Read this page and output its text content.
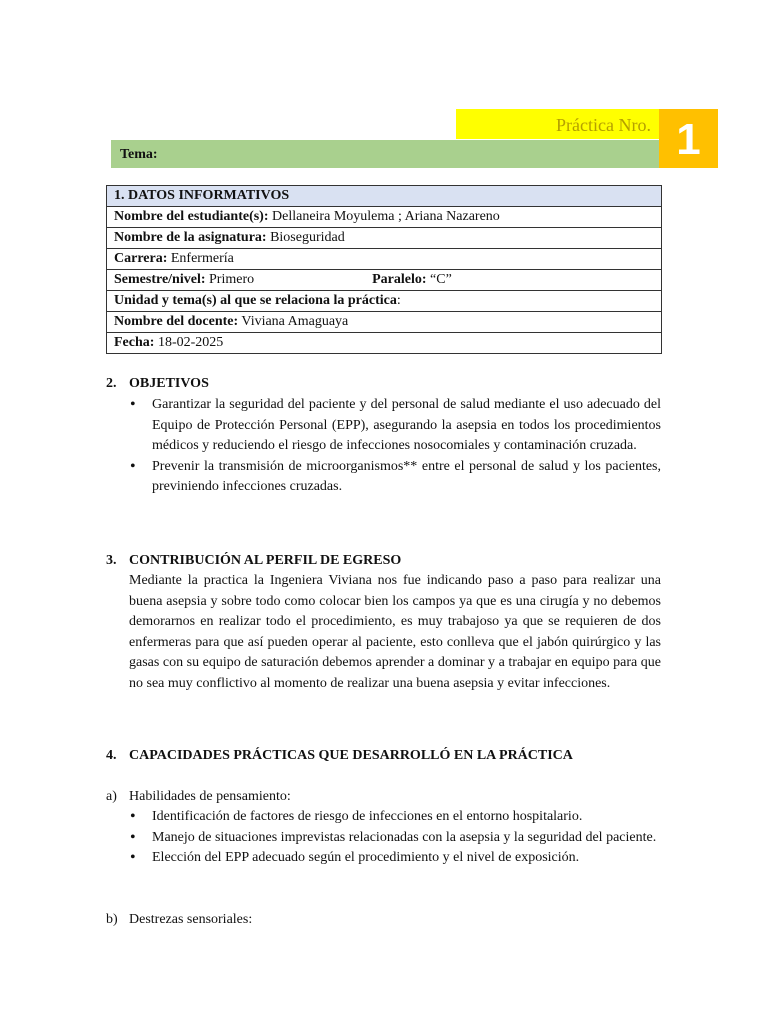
Práctica Nro. 1
Tema:
1. DATOS INFORMATIVOS
Nombre del estudiante(s): Dellaneira Moyulema ; Ariana Nazareno
Nombre de la asignatura: Bioseguridad
Carrera: Enfermería
Semestre/nivel: Primero	Paralelo: “C”
Unidad y tema(s) al que se relaciona la práctica:
Nombre del docente: Viviana Amaguaya
Fecha: 18-02-2025
2. OBJETIVOS
• Garantizar la seguridad del paciente y del personal de salud mediante el uso adecuado del Equipo de Protección Personal (EPP), asegurando la asepsia en todos los procedimientos médicos y reduciendo el riesgo de infecciones nosocomiales y contaminación cruzada.
• Prevenir la transmisión de microorganismos** entre el personal de salud y los pacientes, previniendo infecciones cruzadas.
3. CONTRIBUCIÓN AL PERFIL DE EGRESO
Mediante la practica la Ingeniera Viviana nos fue indicando paso a paso para realizar una buena asepsia y sobre todo como colocar bien los campos ya que es una cirugía y no debemos demorarnos en realizar todo el procedimiento, es muy trabajoso ya que se requieren de dos enfermeras para que así pueden operar al paciente, esto conlleva que el jabón quirúrgico y las gasas con su equipo de saturación debemos aprender a dominar y a trabajar en equipo para que no sea muy conflictivo al momento de realizar una buena asepsia y evitar infecciones.
4. CAPACIDADES PRÁCTICAS QUE DESARROLLÓ EN LA PRÁCTICA
a) Habilidades de pensamiento:
• Identificación de factores de riesgo de infecciones en el entorno hospitalario.
• Manejo de situaciones imprevistas relacionadas con la asepsia y la seguridad del paciente.
• Elección del EPP adecuado según el procedimiento y el nivel de exposición.
b) Destrezas sensoriales:
